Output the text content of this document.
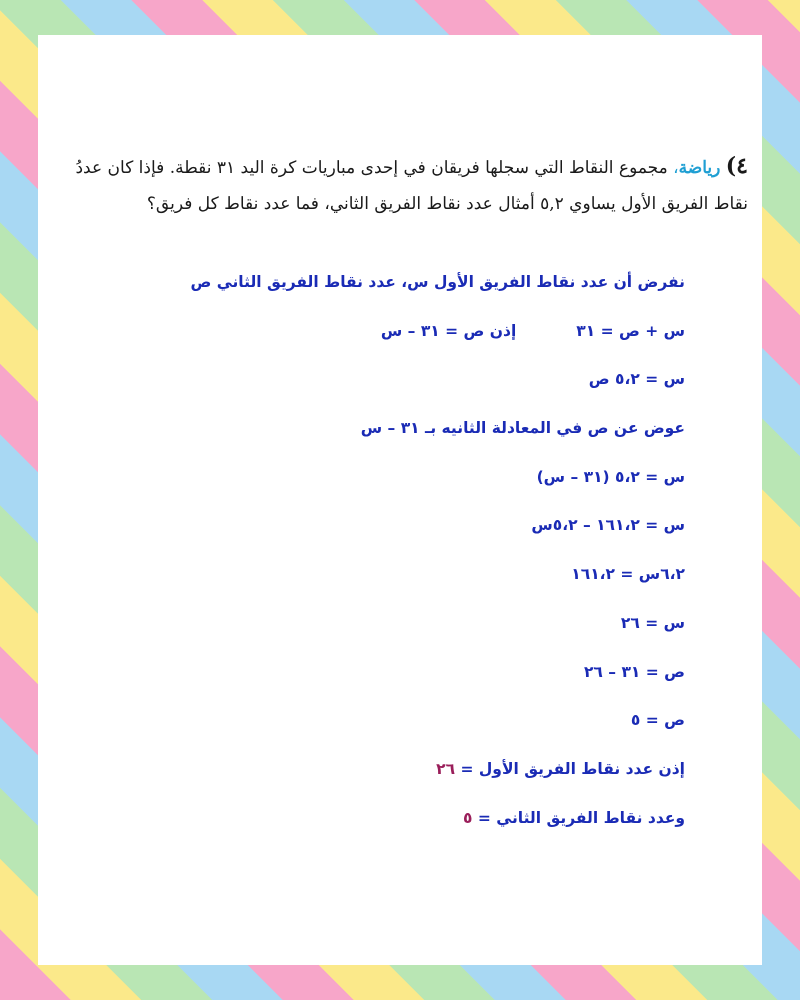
٤) رياضة، مجموع النقاط التي سجلها فريقان في إحدى مباريات كرة اليد ٣١ نقطة. فإذا كان عددُ
نقاط الفريق الأول يساوي ٥,٢ أمثال عدد نقاط الفريق الثاني، فما عدد نقاط كل فريق؟
نفرض أن عدد نقاط الفريق الأول س، عدد نقاط الفريق الثاني ص
س + ص = ٣١إذن ص = ٣١ – س
س = ٥،٢ ص
عوض عن ص في المعادلة الثانيه بـ ٣١ – س
س = ٥،٢ (٣١ – س)
س = ١٦١،٢ – ٥،٢س
٦،٢س = ١٦١،٢
س = ٢٦
ص = ٣١ – ٢٦
ص = ٥
إذن عدد نقاط الفريق الأول = ٢٦
وعدد نقاط الفريق الثاني = ٥
